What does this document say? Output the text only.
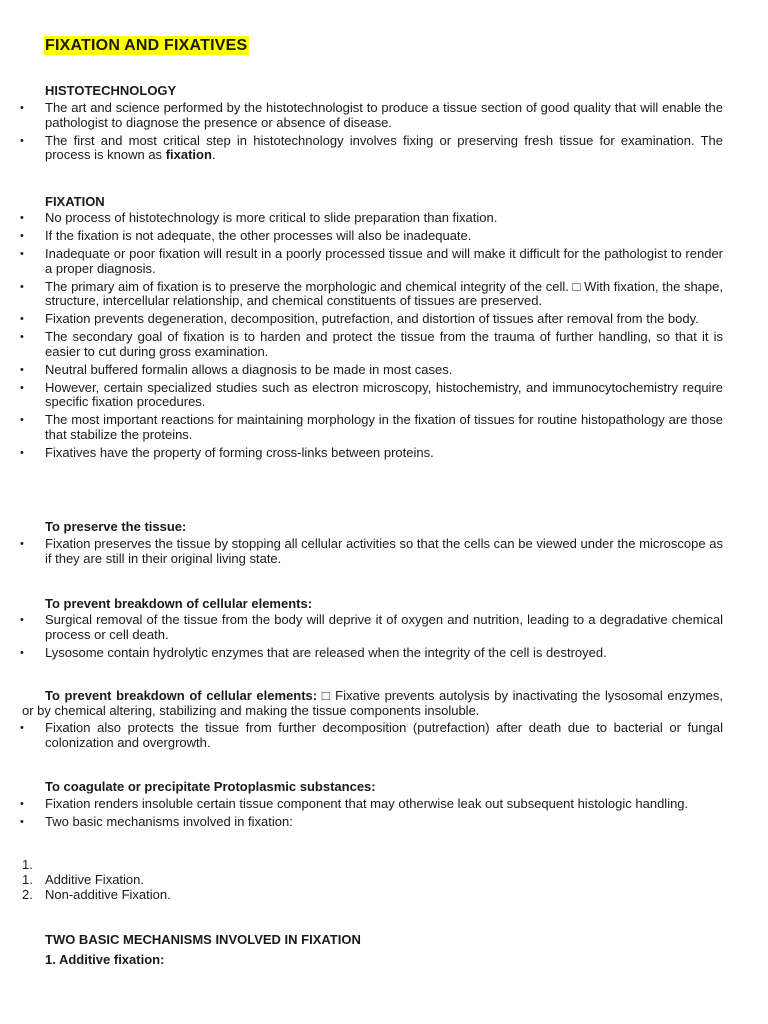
FIXATION AND FIXATIVES
HISTOTECHNOLOGY
• The art and science performed by the histotechnologist to produce a tissue section of good quality that will enable the pathologist to diagnose the presence or absence of disease.
• The first and most critical step in histotechnology involves fixing or preserving fresh tissue for examination. The process is known as fixation.
FIXATION
• No process of histotechnology is more critical to slide preparation than fixation.
• If the fixation is not adequate, the other processes will also be inadequate.
• Inadequate or poor fixation will result in a poorly processed tissue and will make it difficult for the pathologist to render a proper diagnosis.
• The primary aim of fixation is to preserve the morphologic and chemical integrity of the cell. □ With fixation, the shape, structure, intercellular relationship, and chemical constituents of tissues are preserved.
• Fixation prevents degeneration, decomposition, putrefaction, and distortion of tissues after removal from the body.
• The secondary goal of fixation is to harden and protect the tissue from the trauma of further handling, so that it is easier to cut during gross examination.
• Neutral buffered formalin allows a diagnosis to be made in most cases.
• However, certain specialized studies such as electron microscopy, histochemistry, and immunocytochemistry require specific fixation procedures.
• The most important reactions for maintaining morphology in the fixation of tissues for routine histopathology are those that stabilize the proteins.
• Fixatives have the property of forming cross-links between proteins.
To preserve the tissue:
• Fixation preserves the tissue by stopping all cellular activities so that the cells can be viewed under the microscope as if they are still in their original living state.
To prevent breakdown of cellular elements:
• Surgical removal of the tissue from the body will deprive it of oxygen and nutrition, leading to a degradative chemical process or cell death.
• Lysosome contain hydrolytic enzymes that are released when the integrity of the cell is destroyed.
To prevent breakdown of cellular elements: □ Fixative prevents autolysis by inactivating the lysosomal enzymes, or by chemical altering, stabilizing and making the tissue components insoluble.
• Fixation also protects the tissue from further decomposition (putrefaction) after death due to bacterial or fungal colonization and overgrowth.
To coagulate or precipitate Protoplasmic substances:
• Fixation renders insoluble certain tissue component that may otherwise leak out subsequent histologic handling.
• Two basic mechanisms involved in fixation:
1.
1. Additive Fixation.
2. Non-additive Fixation.
TWO BASIC MECHANISMS INVOLVED IN FIXATION
1. Additive fixation:
